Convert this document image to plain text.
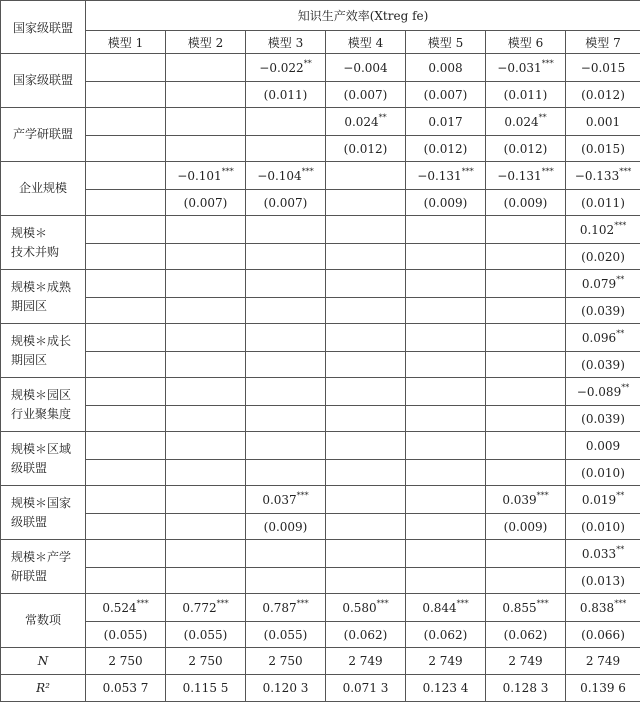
国家级联盟	知识生产效率(Xtreg fe)						
	模型 1	模型 2	模型 3	模型 4	模型 5	模型 6	模型 7

国家级联盟			−0.022**	−0.004	0.008	−0.031***	−0.015
			(0.011)	(0.007)	(0.007)	(0.011)	(0.012)

产学研联盟				0.024**	0.017	0.024**	0.001
				(0.012)	(0.012)	(0.012)	(0.015)

企业规模		−0.101***	−0.104***		−0.131***	−0.131***	−0.133***
		(0.007)	(0.007)		(0.009)	(0.009)	(0.011)

规模＊
技术并购							0.102***
							(0.020)

规模＊成熟
期园区							0.079**
							(0.039)

规模＊成长
期园区							0.096**
							(0.039)

规模＊园区
行业聚集度							−0.089**
							(0.039)

规模＊区域
级联盟							0.009
							(0.010)

规模＊国家
级联盟			0.037***			0.039***	0.019**
			(0.009)			(0.009)	(0.010)

规模＊产学
研联盟							0.033**
							(0.013)

常数项	0.524***	0.772***	0.787***	0.580***	0.844***	0.855***	0.838***
	(0.055)	(0.055)	(0.055)	(0.062)	(0.062)	(0.062)	(0.066)
N	2 750	2 750	2 750	2 749	2 749	2 749	2 749
R²	0.053 7	0.115 5	0.120 3	0.071 3	0.123 4	0.128 3	0.139 6
